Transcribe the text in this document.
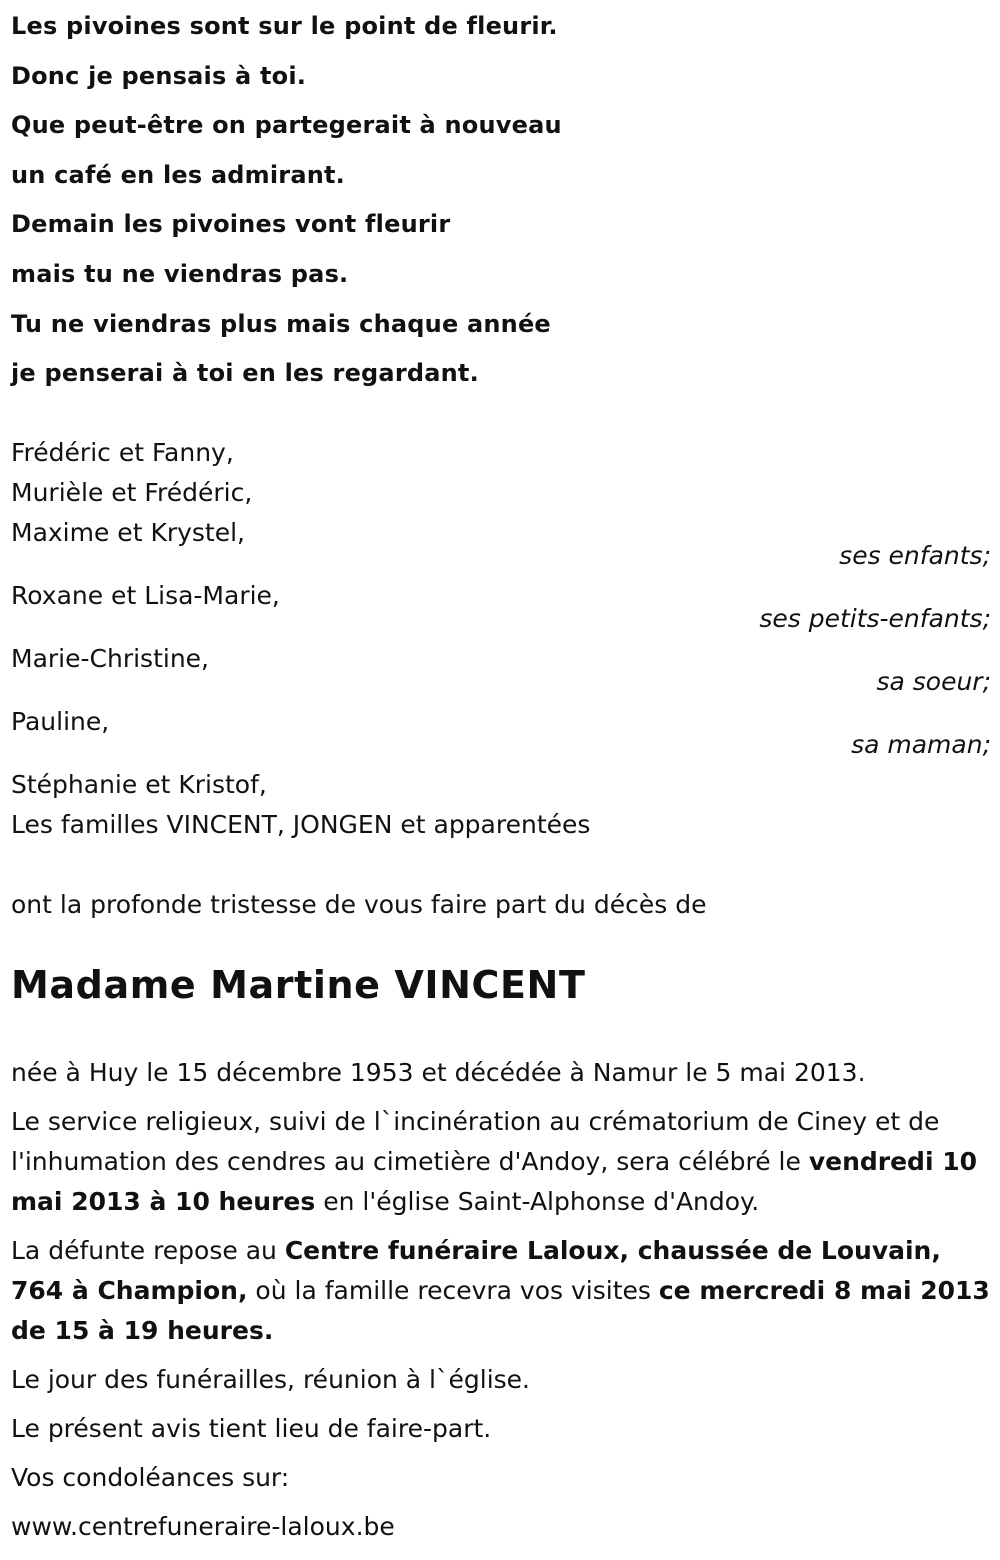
Les pivoines sont sur le point de fleurir.
Donc je pensais à toi.
Que peut-être on partegerait à nouveau
un café en les admirant.
Demain les pivoines vont fleurir
mais tu ne viendras pas.
Tu ne viendras plus mais chaque année
je penserai à toi en les regardant.
Frédéric et Fanny,
Murièle et Frédéric,
Maxime et Krystel,
ses enfants;
Roxane et Lisa-Marie,
ses petits-enfants;
Marie-Christine,
sa soeur;
Pauline,
sa maman;
Stéphanie et Kristof,
Les familles VINCENT, JONGEN et apparentées
ont la profonde tristesse de vous faire part du décès de
Madame Martine VINCENT

née à Huy le 15 décembre 1953 et décédée à Namur le 5 mai 2013.

Le service religieux, suivi de l`incinération au crématorium de Ciney et de l'inhumation des cendres au cimetière d'Andoy, sera célébré le vendredi 10 mai 2013 à 10 heures en l'église Saint-Alphonse d'Andoy.

La défunte repose au Centre funéraire Laloux, chaussée de Louvain, 764 à Champion, où la famille recevra vos visites ce mercredi 8 mai 2013 de 15 à 19 heures.

Le jour des funérailles, réunion à l`église.

Le présent avis tient lieu de faire-part.

Vos condoléances sur:

www.centrefuneraire-laloux.be
